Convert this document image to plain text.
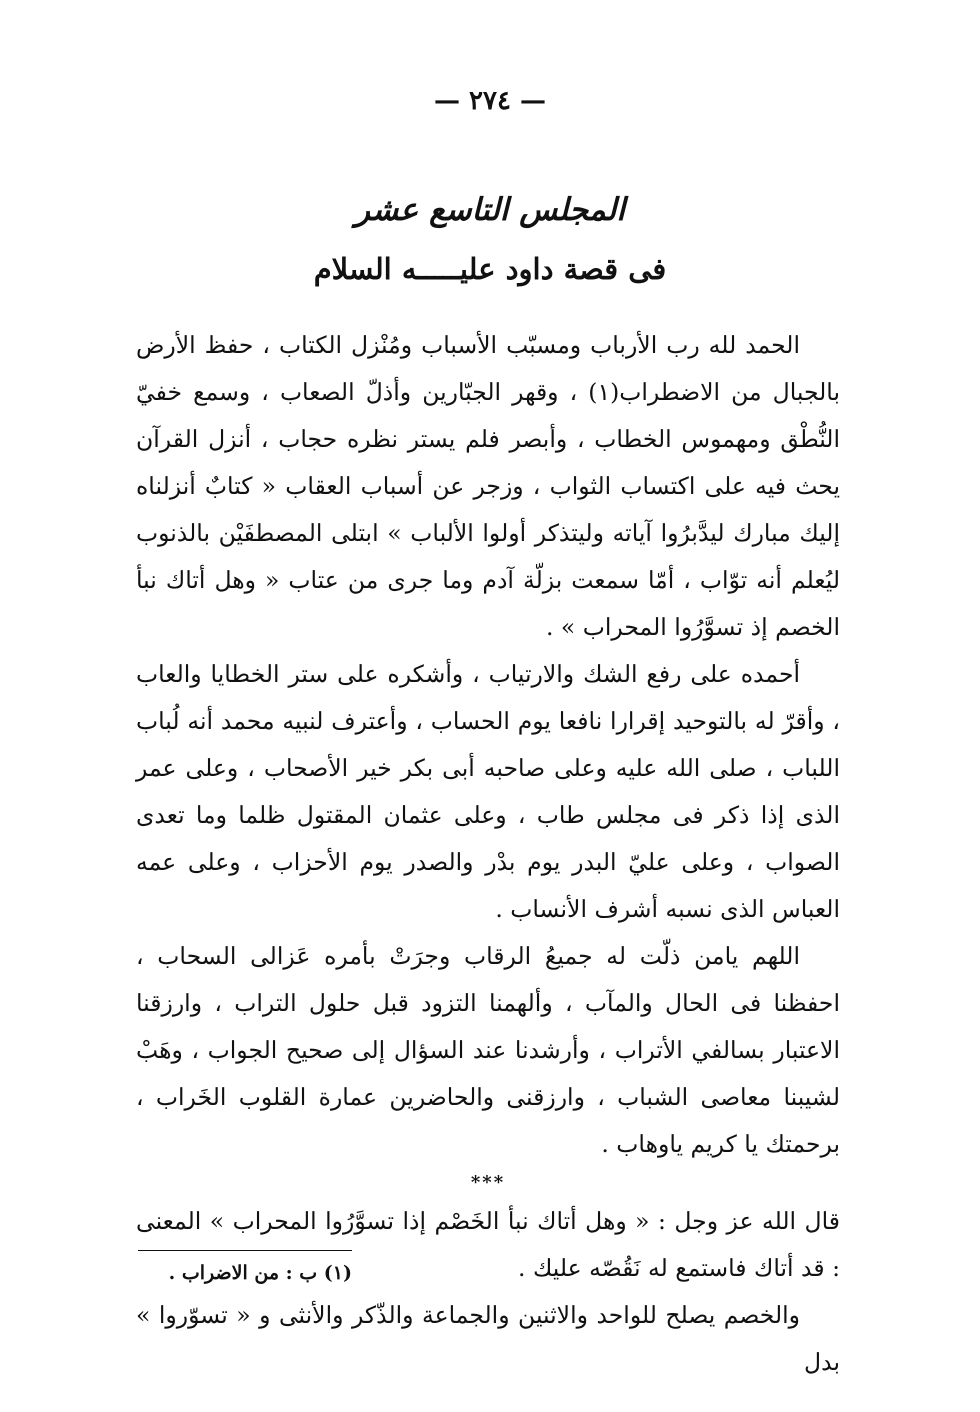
— ٢٧٤ —
المجلس التاسع عشر
فى قصة داود عليـــــه السلام

الحمد لله رب الأرباب ومسبّب الأسباب ومُنْزل الكتاب ، حفظ الأرض بالجبال من الاضطراب(١) ، وقهر الجبّارين وأذلّ الصعاب ، وسمع خفيّ النُّطْق ومهموس الخطاب ، وأبصر فلم يستر نظره حجاب ، أنزل القرآن يحث فيه على اكتساب الثواب ، وزجر عن أسباب العقاب « كتابٌ أنزلناه إليك مبارك ليدَّبرُوا آياته وليتذكر أولوا الألباب » ابتلى المصطفَيْن بالذنوب ليُعلم أنه توّاب ، أمّا سمعت بزلّة آدم وما جرى من عتاب « وهل أتاك نبأ الخصم إذ تسوَّرُوا المحراب » .

أحمده على رفع الشك والارتياب ، وأشكره على ستر الخطايا والعاب ، وأقرّ له بالتوحيد إقرارا نافعا يوم الحساب ، وأعترف لنبيه محمد أنه لُباب اللباب ، صلى الله عليه وعلى صاحبه أبى بكر خير الأصحاب ، وعلى عمر الذى إذا ذكر فى مجلس طاب ، وعلى عثمان المقتول ظلما وما تعدى الصواب ، وعلى عليّ البدر يوم بدْر والصدر يوم الأحزاب ، وعلى عمه العباس الذى نسبه أشرف الأنساب .

اللهم يامن ذلّت له جميعُ الرقاب وجرَتْ بأمره عَزالى السحاب ، احفظنا فى الحال والمآب ، وألهمنا التزود قبل حلول التراب ، وارزقنا الاعتبار بسالفي الأتراب ، وأرشدنا عند السؤال إلى صحيح الجواب ، وهَبْ لشيبنا معاصى الشباب ، وارزقنى والحاضرين عمارة القلوب الخَراب ، برحمتك يا كريم ياوهاب .

***

قال الله عز وجل : « وهل أتاك نبأ الخَصْم إذا تسوَّرُوا المحراب » المعنى : قد أتاك فاستمع له نَقُصّه عليك .

والخصم يصلح للواحد والاثنين والجماعة والذّكر والأنثى و « تسوّروا » بدل

(١) ب : من الاضراب .
